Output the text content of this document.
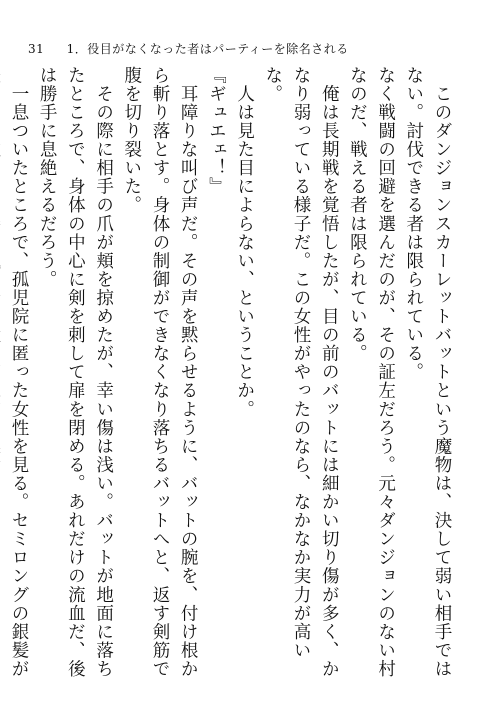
31 1．役目がなくなった者はパーティーを除名される

　このダンジョンスカーレットバットという魔物は、決して弱い相手ではない。討伐できる者は限られている。

なく戦闘の回避を選んだのが、その証左だろう。元々ダンジョンのない村なのだ、戦える者は限られている。

　俺は長期戦を覚悟したが、目の前のバットには細かい切り傷が多く、かなり弱っている様子だ。この女性がやったのなら、なかなか実力が高いな。

　人は見た目によらない、ということか。

『ギュエェ！』

　耳障りな叫び声だ。その声を黙らせるように、バットの腕を、付け根から斬り落とす。身体の制御ができなくなり落ちるバットへと、返す剣筋で腹を切り裂いた。

　その際に相手の爪が頬を掠めたが、幸い傷は浅い。バットが地面に落ちたところで、身体の中心に剣を刺して扉を閉める。あれだけの流血だ、後は勝手に息絶えるだろう。

　一息ついたところで、孤児院に匿った女性を見る。セミロングの銀髪が
